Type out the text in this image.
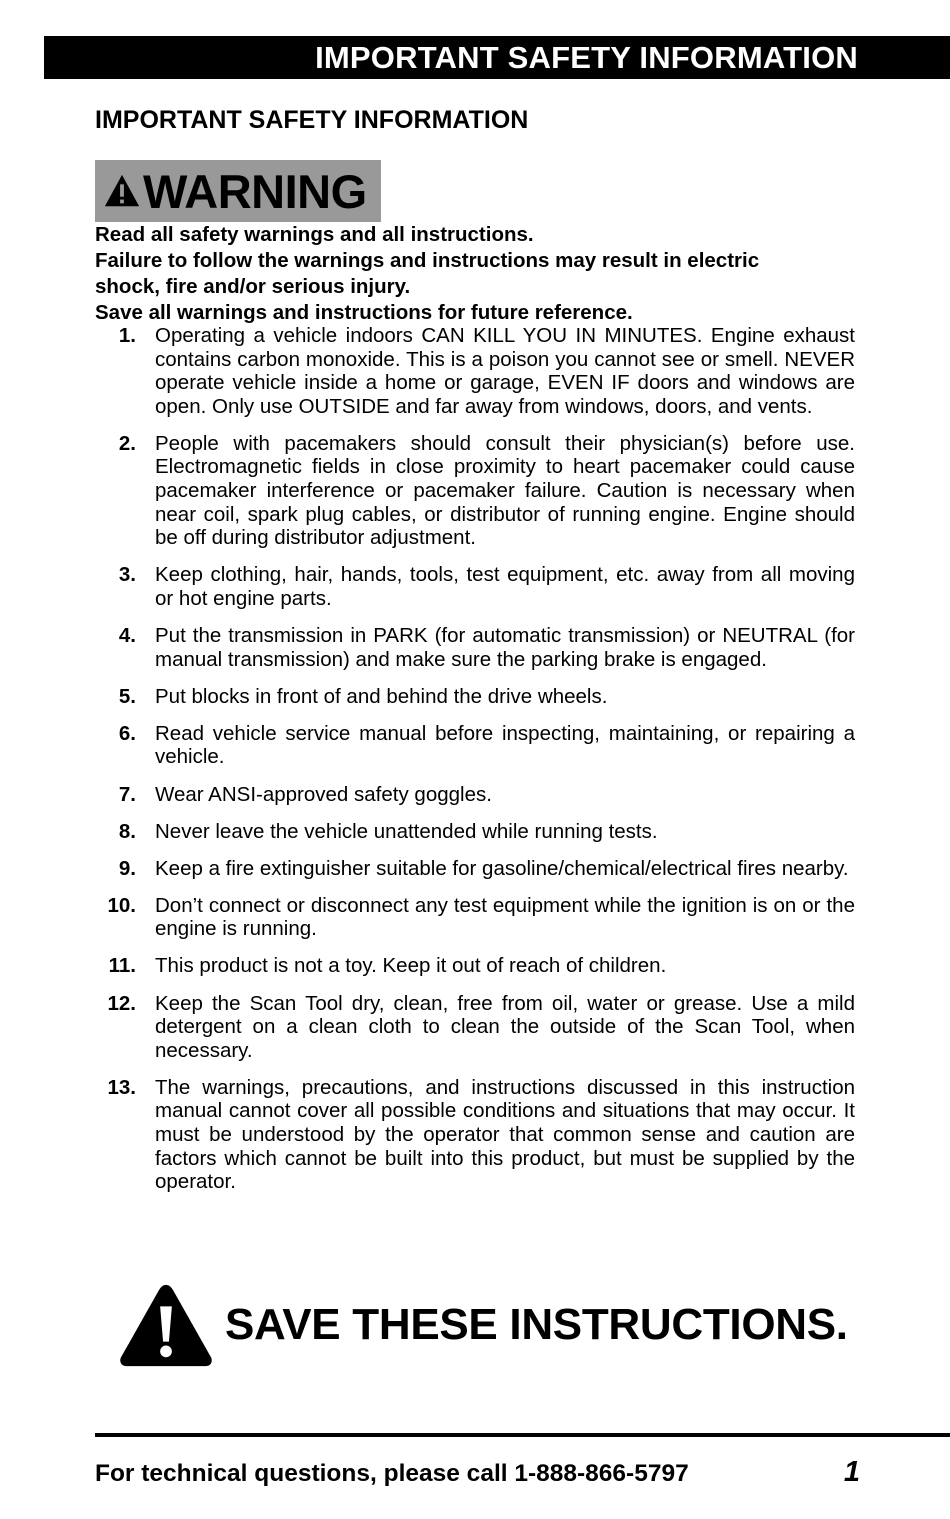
IMPORTANT SAFETY INFORMATION
IMPORTANT SAFETY INFORMATION
WARNING
Read all safety warnings and all instructions.
Failure to follow the warnings and instructions may result in electric
shock, fire and/or serious injury.
Save all warnings and instructions for future reference.
1. Operating a vehicle indoors CAN KILL YOU IN MINUTES. Engine exhaust contains carbon monoxide. This is a poison you cannot see or smell. NEVER operate vehicle inside a home or garage, EVEN IF doors and windows are open. Only use OUTSIDE and far away from windows, doors, and vents.
2. People with pacemakers should consult their physician(s) before use. Electromagnetic fields in close proximity to heart pacemaker could cause pacemaker interference or pacemaker failure. Caution is necessary when near coil, spark plug cables, or distributor of running engine. Engine should be off during distributor adjustment.
3. Keep clothing, hair, hands, tools, test equipment, etc. away from all moving or hot engine parts.
4. Put the transmission in PARK (for automatic transmission) or NEUTRAL (for manual transmission) and make sure the parking brake is engaged.
5. Put blocks in front of and behind the drive wheels.
6. Read vehicle service manual before inspecting, maintaining, or repairing a vehicle.
7. Wear ANSI-approved safety goggles.
8. Never leave the vehicle unattended while running tests.
9. Keep a fire extinguisher suitable for gasoline/chemical/electrical fires nearby.
10. Don’t connect or disconnect any test equipment while the ignition is on or the engine is running.
11. This product is not a toy. Keep it out of reach of children.
12. Keep the Scan Tool dry, clean, free from oil, water or grease. Use a mild detergent on a clean cloth to clean the outside of the Scan Tool, when necessary.
13. The warnings, precautions, and instructions discussed in this instruction manual cannot cover all possible conditions and situations that may occur. It must be understood by the operator that common sense and caution are factors which cannot be built into this product, but must be supplied by the operator.
SAVE THESE INSTRUCTIONS.
For technical questions, please call 1-888-866-5797	1
